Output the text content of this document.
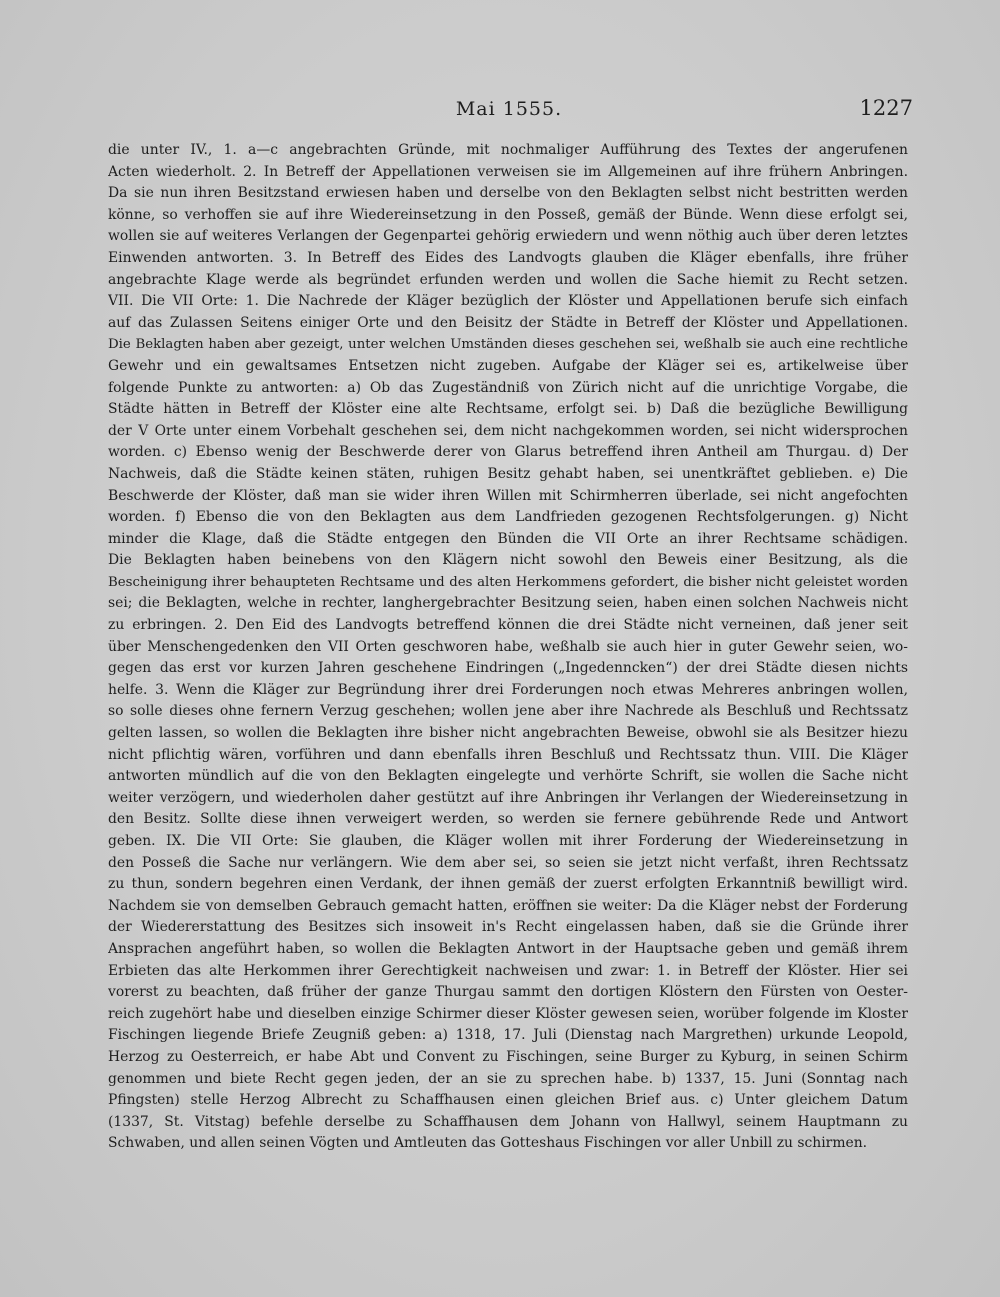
Mai 1555.	1227
die unter IV., 1. a—c angebrachten Gründe, mit nochmaliger Aufführung des Textes der angerufenen
Acten wiederholt. 2. In Betreff der Appellationen verweisen sie im Allgemeinen auf ihre frühern Anbringen.
Da sie nun ihren Besitzstand erwiesen haben und derselbe von den Beklagten selbst nicht bestritten werden
könne, so verhoffen sie auf ihre Wiedereinsetzung in den Posseß, gemäß der Bünde. Wenn diese erfolgt sei,
wollen sie auf weiteres Verlangen der Gegenpartei gehörig erwiedern und wenn nöthig auch über deren letztes
Einwenden antworten. 3. In Betreff des Eides des Landvogts glauben die Kläger ebenfalls, ihre früher
angebrachte Klage werde als begründet erfunden werden und wollen die Sache hiemit zu Recht setzen.
VII. Die VII Orte: 1. Die Nachrede der Kläger bezüglich der Klöster und Appellationen berufe sich einfach
auf das Zulassen Seitens einiger Orte und den Beisitz der Städte in Betreff der Klöster und Appellationen.
Die Beklagten haben aber gezeigt, unter welchen Umständen dieses geschehen sei, weßhalb sie auch eine rechtliche
Gewehr und ein gewaltsames Entsetzen nicht zugeben. Aufgabe der Kläger sei es, artikelweise über
folgende Punkte zu antworten: a) Ob das Zugeständniß von Zürich nicht auf die unrichtige Vorgabe, die
Städte hätten in Betreff der Klöster eine alte Rechtsame, erfolgt sei. b) Daß die bezügliche Bewilligung
der V Orte unter einem Vorbehalt geschehen sei, dem nicht nachgekommen worden, sei nicht widersprochen
worden. c) Ebenso wenig der Beschwerde derer von Glarus betreffend ihren Antheil am Thurgau. d) Der
Nachweis, daß die Städte keinen stäten, ruhigen Besitz gehabt haben, sei unentkräftet geblieben. e) Die
Beschwerde der Klöster, daß man sie wider ihren Willen mit Schirmherren überlade, sei nicht angefochten
worden. f) Ebenso die von den Beklagten aus dem Landfrieden gezogenen Rechtsfolgerungen. g) Nicht
minder die Klage, daß die Städte entgegen den Bünden die VII Orte an ihrer Rechtsame schädigen.
Die Beklagten haben beinebens von den Klägern nicht sowohl den Beweis einer Besitzung, als die
Bescheinigung ihrer behaupteten Rechtsame und des alten Herkommens gefordert, die bisher nicht geleistet worden
sei; die Beklagten, welche in rechter, langhergebrachter Besitzung seien, haben einen solchen Nachweis nicht
zu erbringen. 2. Den Eid des Landvogts betreffend können die drei Städte nicht verneinen, daß jener seit
über Menschengedenken den VII Orten geschworen habe, weßhalb sie auch hier in guter Gewehr seien, wo-
gegen das erst vor kurzen Jahren geschehene Eindringen („Ingedenncken“) der drei Städte diesen nichts
helfe. 3. Wenn die Kläger zur Begründung ihrer drei Forderungen noch etwas Mehreres anbringen wollen,
so solle dieses ohne fernern Verzug geschehen; wollen jene aber ihre Nachrede als Beschluß und Rechtssatz
gelten lassen, so wollen die Beklagten ihre bisher nicht angebrachten Beweise, obwohl sie als Besitzer hiezu
nicht pflichtig wären, vorführen und dann ebenfalls ihren Beschluß und Rechtssatz thun. VIII. Die Kläger
antworten mündlich auf die von den Beklagten eingelegte und verhörte Schrift, sie wollen die Sache nicht
weiter verzögern, und wiederholen daher gestützt auf ihre Anbringen ihr Verlangen der Wiedereinsetzung in
den Besitz. Sollte diese ihnen verweigert werden, so werden sie fernere gebührende Rede und Antwort
geben. IX. Die VII Orte: Sie glauben, die Kläger wollen mit ihrer Forderung der Wiedereinsetzung in
den Posseß die Sache nur verlängern. Wie dem aber sei, so seien sie jetzt nicht verfaßt, ihren Rechtssatz
zu thun, sondern begehren einen Verdank, der ihnen gemäß der zuerst erfolgten Erkanntniß bewilligt wird.
Nachdem sie von demselben Gebrauch gemacht hatten, eröffnen sie weiter: Da die Kläger nebst der Forderung
der Wiedererstattung des Besitzes sich insoweit in's Recht eingelassen haben, daß sie die Gründe ihrer
Ansprachen angeführt haben, so wollen die Beklagten Antwort in der Hauptsache geben und gemäß ihrem
Erbieten das alte Herkommen ihrer Gerechtigkeit nachweisen und zwar: 1. in Betreff der Klöster. Hier sei
vorerst zu beachten, daß früher der ganze Thurgau sammt den dortigen Klöstern den Fürsten von Oester-
reich zugehört habe und dieselben einzige Schirmer dieser Klöster gewesen seien, worüber folgende im Kloster
Fischingen liegende Briefe Zeugniß geben: a) 1318, 17. Juli (Dienstag nach Margrethen) urkunde Leopold,
Herzog zu Oesterreich, er habe Abt und Convent zu Fischingen, seine Burger zu Kyburg, in seinen Schirm
genommen und biete Recht gegen jeden, der an sie zu sprechen habe. b) 1337, 15. Juni (Sonntag nach
Pfingsten) stelle Herzog Albrecht zu Schaffhausen einen gleichen Brief aus. c) Unter gleichem Datum
(1337, St. Vitstag) befehle derselbe zu Schaffhausen dem Johann von Hallwyl, seinem Hauptmann zu
Schwaben, und allen seinen Vögten und Amtleuten das Gotteshaus Fischingen vor aller Unbill zu schirmen.
